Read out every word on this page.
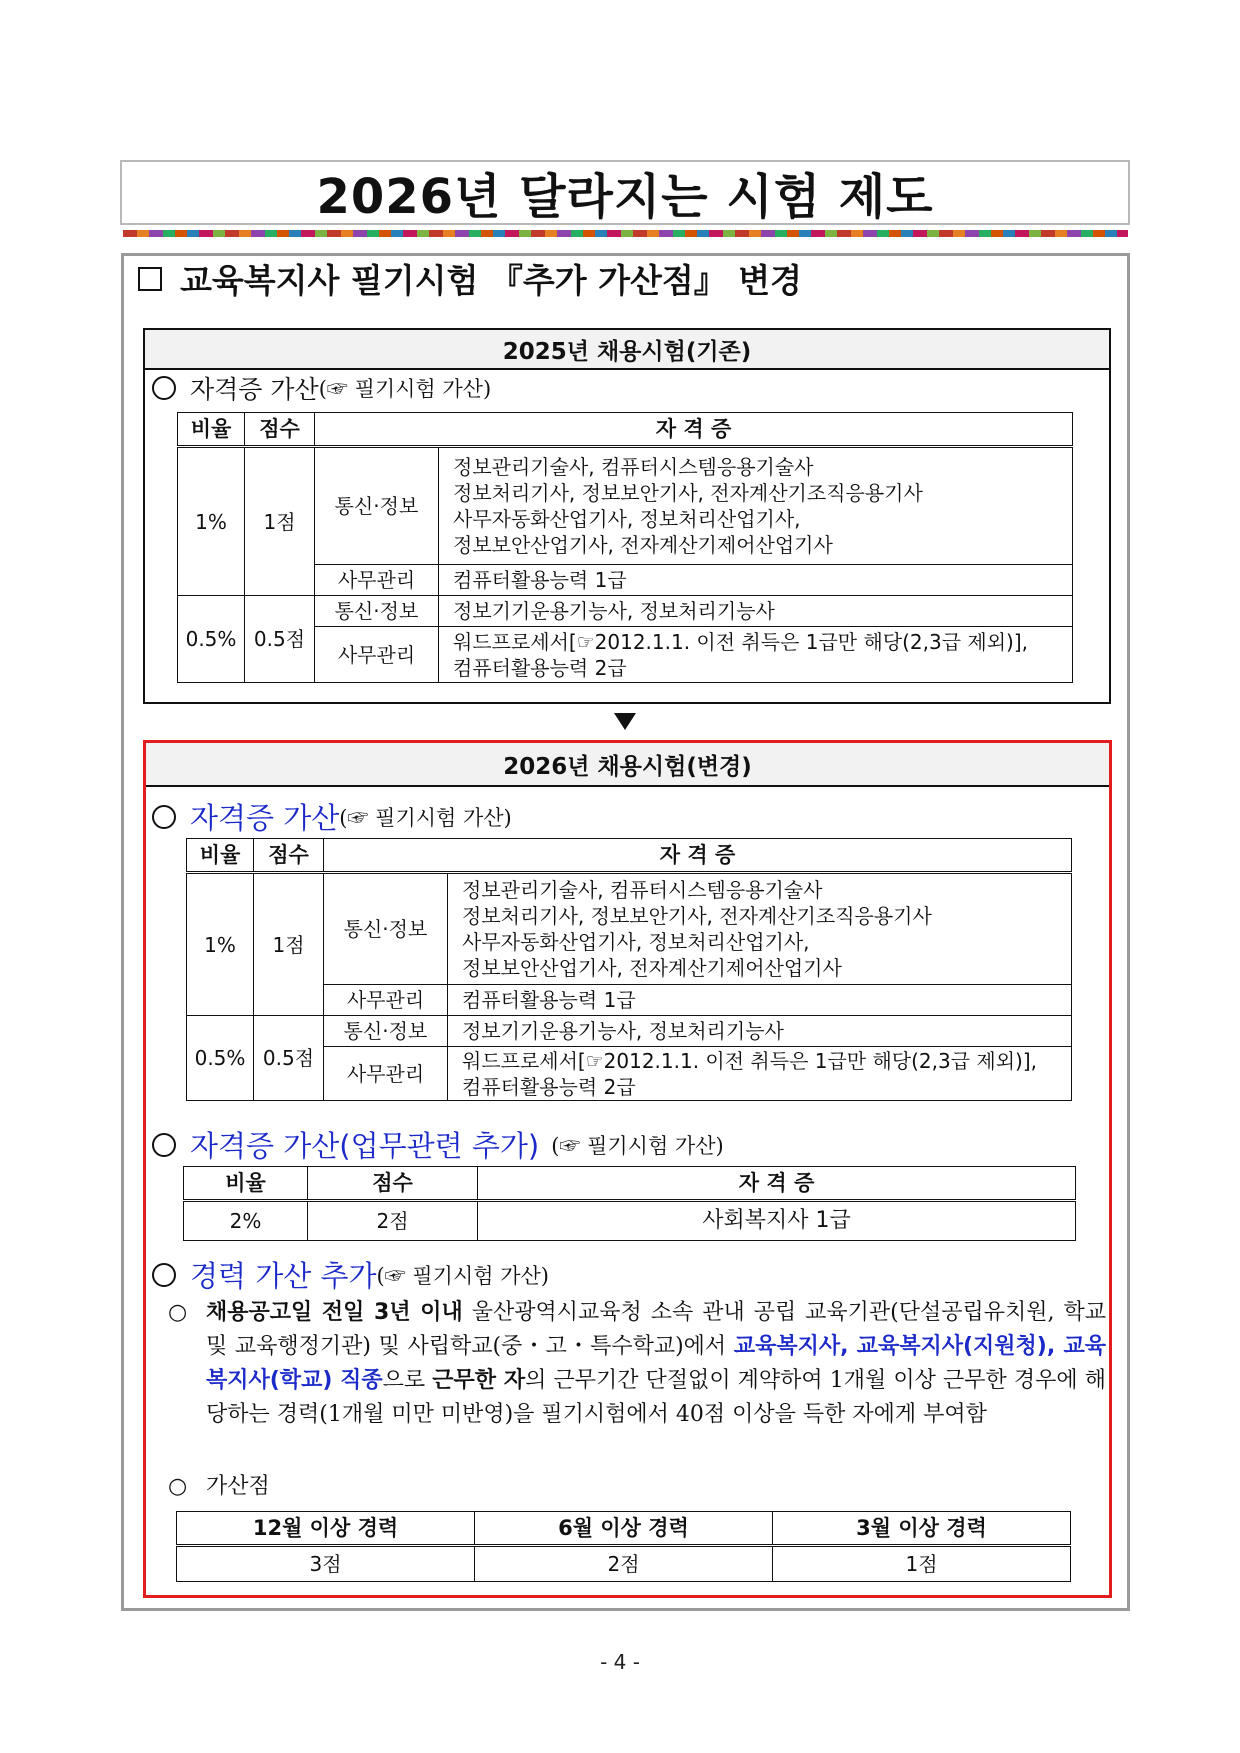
2026년 달라지는 시험 제도
교육복지사 필기시험 『추가 가산점』 변경
2025년 채용시험(기존)
자격증 가산 (☞ 필기시험 가산)
비율	점수	자 격 증	
1%	1점	통신·정보	정보관리기술사, 컴퓨터시스템응용기술사
정보처리기사, 정보보안기사, 전자계산기조직응용기사
사무자동화산업기사, 정보처리산업기사,
정보보안산업기사, 전자계산기제어산업기사

		사무관리	컴퓨터활용능력 1급
0.5%	0.5점	통신·정보	정보기기운용기능사, 정보처리기능사
		사무관리	워드프로세서[☞2012.1.1. 이전 취득은 1급만 해당(2,3급 제외)],
컴퓨터활용능력 2급
2026년 채용시험(변경)
자격증 가산 (☞ 필기시험 가산)
비율	점수	자 격 증	
1%	1점	통신·정보	정보관리기술사, 컴퓨터시스템응용기술사
정보처리기사, 정보보안기사, 전자계산기조직응용기사
사무자동화산업기사, 정보처리산업기사,
정보보안산업기사, 전자계산기제어산업기사

		사무관리	컴퓨터활용능력 1급
0.5%	0.5점	통신·정보	정보기기운용기능사, 정보처리기능사
		사무관리	워드프로세서[☞2012.1.1. 이전 취득은 1급만 해당(2,3급 제외)],
컴퓨터활용능력 2급
자격증 가산(업무관련 추가) (☞ 필기시험 가산)
비율	점수	자 격 증
2%	2점	사회복지사 1급
경력 가산 추가 (☞ 필기시험 가산)
○ 채용공고일 전일 3년 이내 울산광역시교육청 소속 관내 공립 교육기관(단설공립유치원, 학교 및 교육행정기관) 및 사립학교(중・고・특수학교)에서 교육복지사, 교육복지사(지원청), 교육복지사(학교) 직종으로 근무한 자의 근무기간 단절없이 계약하여 1개월 이상 근무한 경우에 해당하는 경력(1개월 미만 미반영)을 필기시험에서 40점 이상을 득한 자에게 부여함
○ 가산점
12월 이상 경력	6월 이상 경력	3월 이상 경력
3점	2점	1점
- 4 -
